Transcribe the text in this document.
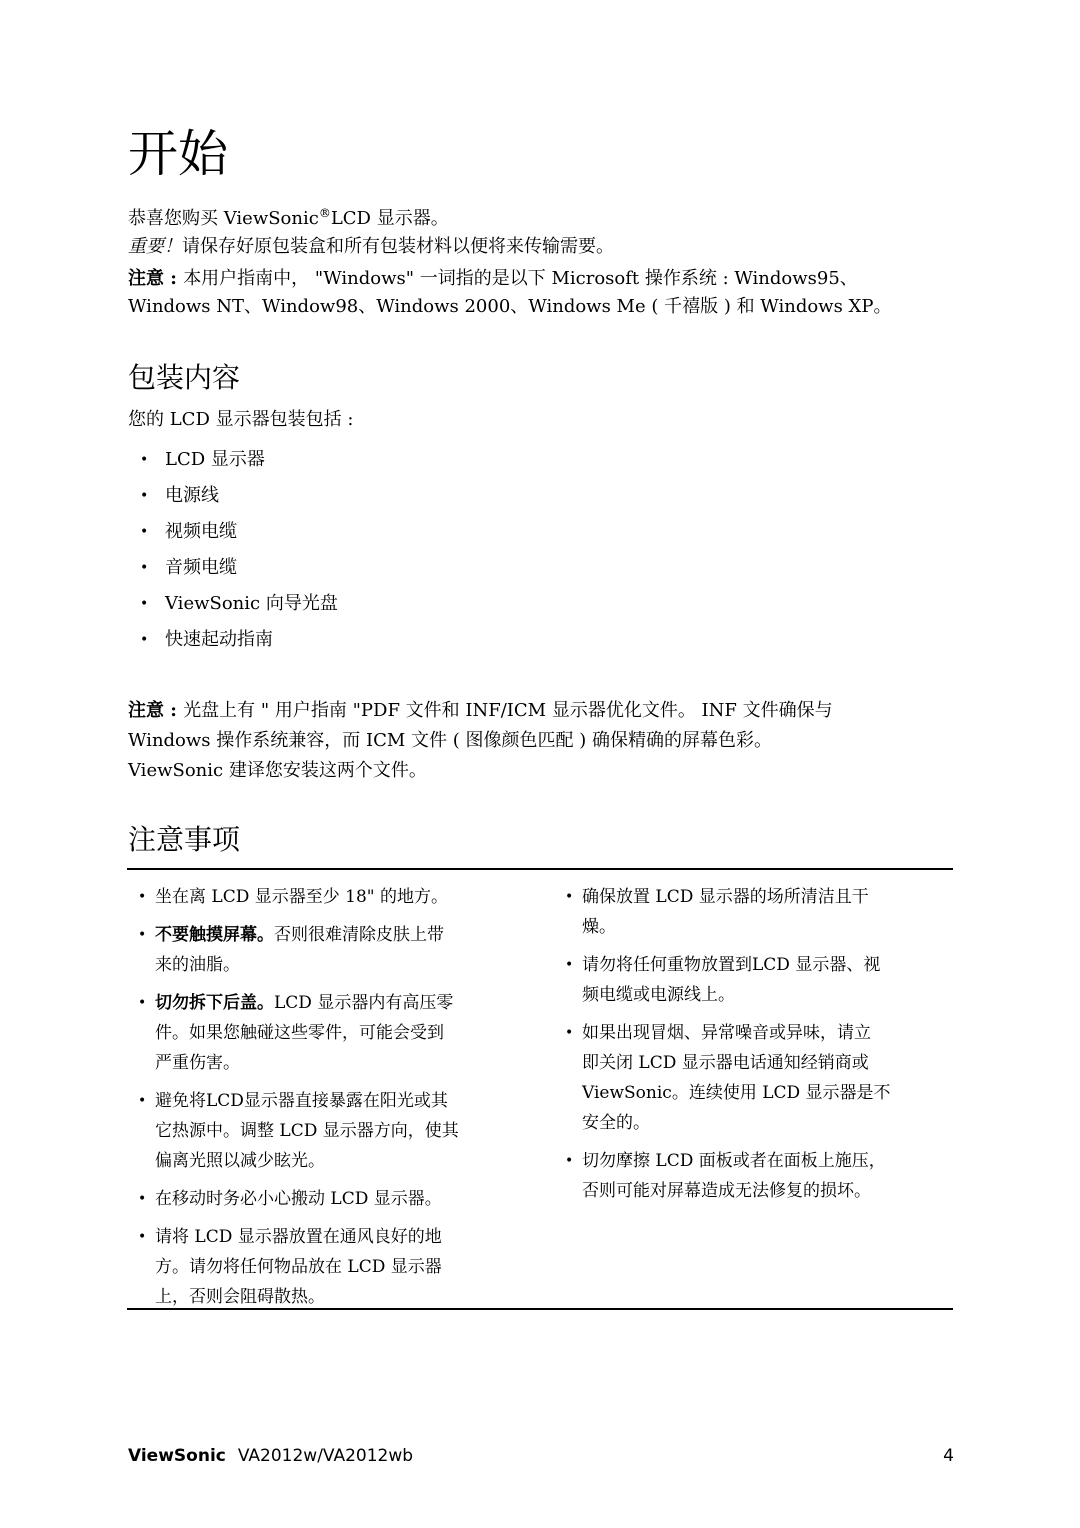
开始

恭喜您购买 ViewSonic®LCD 显示器。

重要！请保存好原包装盒和所有包装材料以便将来传输需要。

注意 : 本用户指南中， "Windows" 一词指的是以下 Microsoft 操作系统 : Windows95、

Windows NT、Window98、Windows 2000、Windows Me ( 千禧版 ) 和 Windows XP。

包装内容

您的 LCD 显示器包装包括 :

• LCD 显示器
• 电源线
• 视频电缆
• 音频电缆
• ViewSonic 向导光盘
• 快速起动指南

注意 : 光盘上有 " 用户指南 "PDF 文件和 INF/ICM 显示器优化文件。 INF 文件确保与

Windows 操作系统兼容，而 ICM 文件 ( 图像颜色匹配 ) 确保精确的屏幕色彩。

ViewSonic 建译您安装这两个文件。

注意事项
• 坐在离 LCD 显示器至少 18" 的地方。
• 不要触摸屏幕。否则很难清除皮肤上带
来的油脂。
• 切勿拆下后盖。LCD 显示器内有高压零
件。如果您触碰这些零件，可能会受到
严重伤害。
• 避免将LCD显示器直接暴露在阳光或其
它热源中。调整 LCD 显示器方向，使其
偏离光照以减少眩光。
• 在移动时务必小心搬动 LCD 显示器。
• 请将 LCD 显示器放置在通风良好的地
方。请勿将任何物品放在 LCD 显示器
上，否则会阻碍散热。
• 确保放置 LCD 显示器的场所清洁且干
燥。
• 请勿将任何重物放置到LCD 显示器、视
频电缆或电源线上。
• 如果出现冒烟、异常噪音或异味，请立
即关闭 LCD 显示器电话通知经销商或
ViewSonic。连续使用 LCD 显示器是不
安全的。
• 切勿摩擦 LCD 面板或者在面板上施压，
否则可能对屏幕造成无法修复的损坏。
ViewSonic VA2012w/VA2012wb	4
